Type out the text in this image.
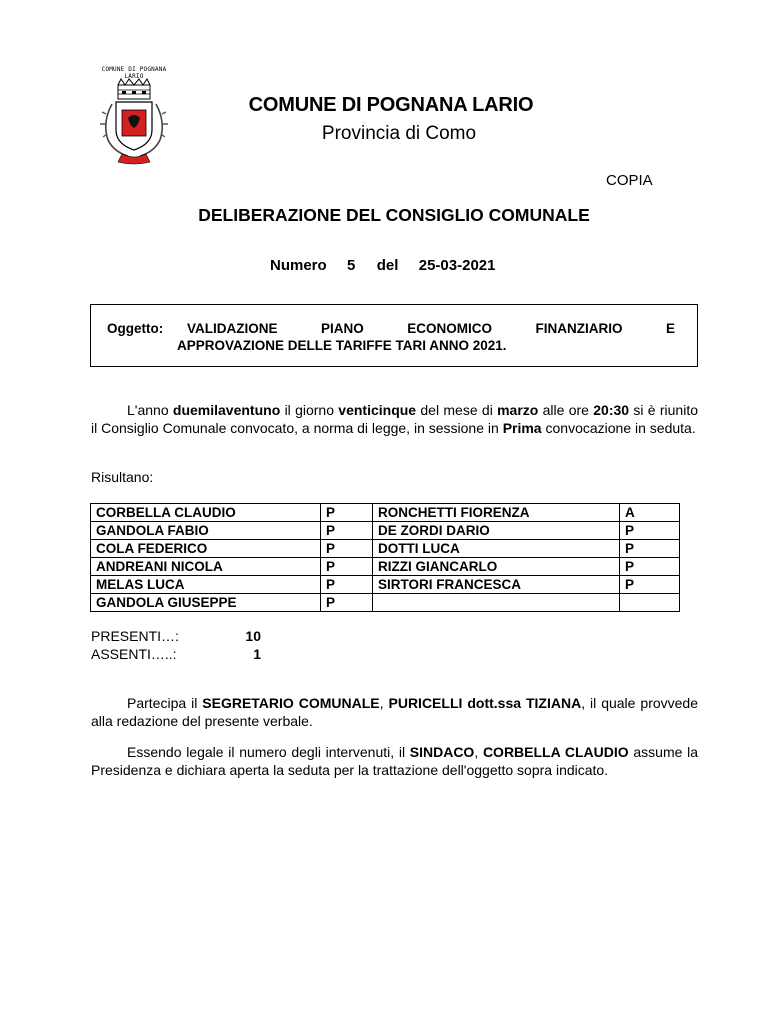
COMUNE DI POGNANA LARIO
COMUNE DI POGNANA LARIO
Provincia di Como
COPIA
DELIBERAZIONE DEL CONSIGLIO COMUNALE
Numero 5 del 25-03-2021
Oggetto: VALIDAZIONE	PIANO	ECONOMICO	FINANZIARIO	E
APPROVAZIONE DELLE TARIFFE TARI ANNO 2021.
L'anno duemilaventuno il giorno venticinque del mese di marzo alle ore 20:30 si è riunito il Consiglio Comunale convocato, a norma di legge, in sessione in Prima convocazione in seduta.
Risultano:
CORBELLA CLAUDIO	P	RONCHETTI FIORENZA	A
GANDOLA FABIO	P	DE ZORDI DARIO	P
COLA FEDERICO	P	DOTTI LUCA	P
ANDREANI NICOLA	P	RIZZI GIANCARLO	P
MELAS LUCA	P	SIRTORI FRANCESCA	P
GANDOLA GIUSEPPE	P		
PRESENTI…:	10
ASSENTI…..:	1
Partecipa il SEGRETARIO COMUNALE, PURICELLI dott.ssa TIZIANA, il quale provvede alla redazione del presente verbale.
Essendo legale il numero degli intervenuti, il SINDACO, CORBELLA CLAUDIO assume la Presidenza e dichiara aperta la seduta per la trattazione dell'oggetto sopra indicato.
